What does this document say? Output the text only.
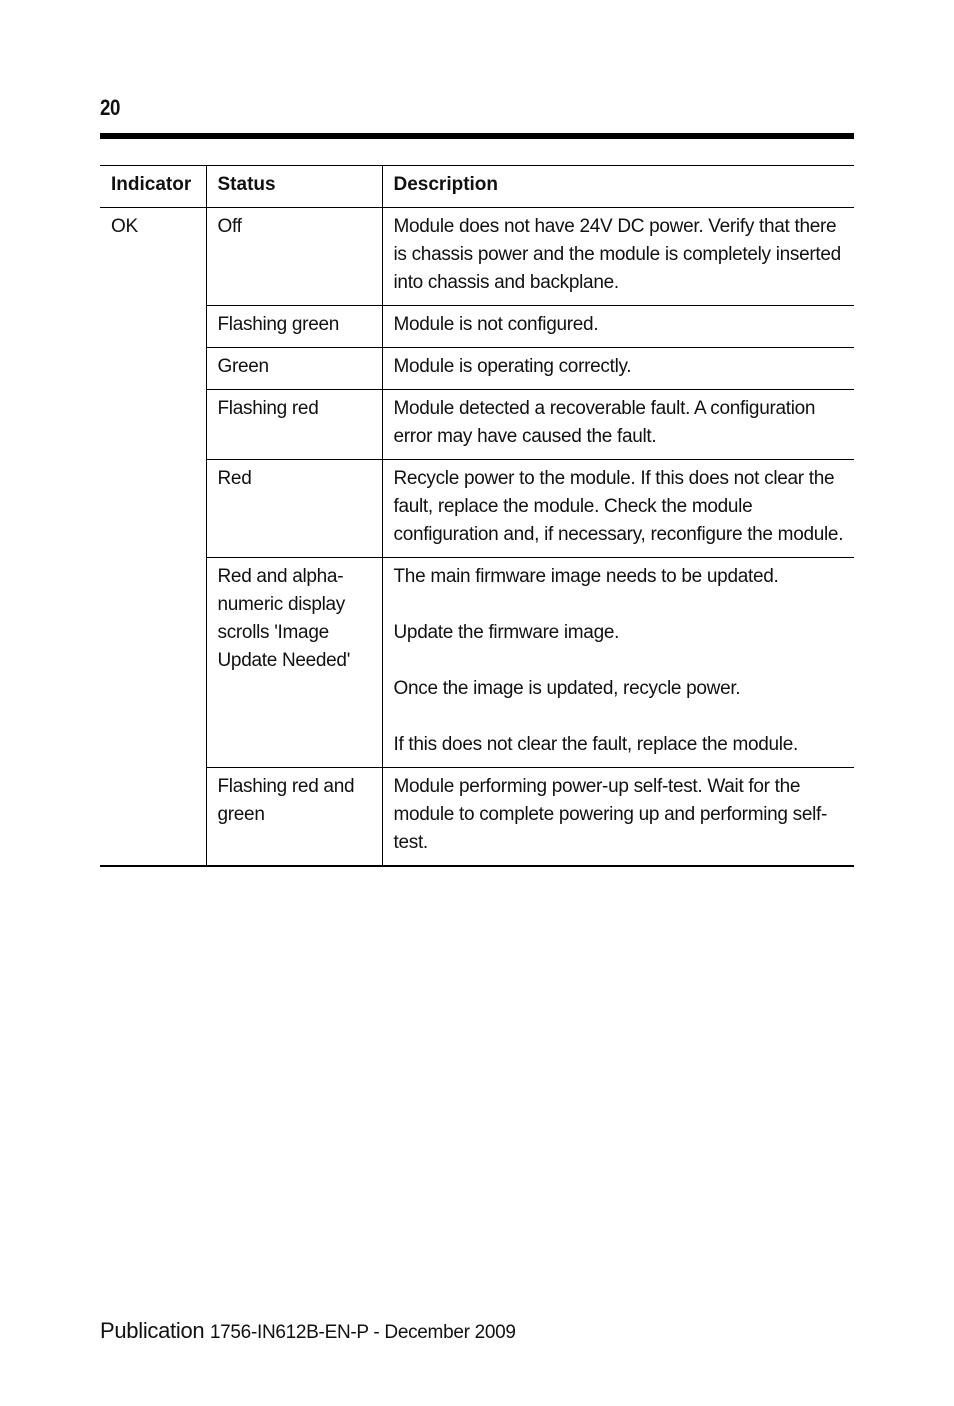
20
Indicator	Status	Description
OK	Off	Module does not have 24V DC power. Verify that there is chassis power and the module is completely inserted into chassis and backplane.

	Flashing green	Module is not configured.

	Green	Module is operating correctly.

	Flashing red	Module detected a recoverable fault. A configuration error may have caused the fault.

	Red	Recycle power to the module. If this does not clear the fault, replace the module. Check the module configuration and, if necessary, reconfigure the module.

	Red and alpha-numeric display scrolls 'Image Update Needed'	The main firmware image needs to be updated.
Update the firmware image.
Once the image is updated, recycle power.
If this does not clear the fault, replace the module.

	Flashing red and green	Module performing power-up self-test. Wait for the module to complete powering up and performing self-test.
Publication 1756-IN612B-EN-P - December 2009
